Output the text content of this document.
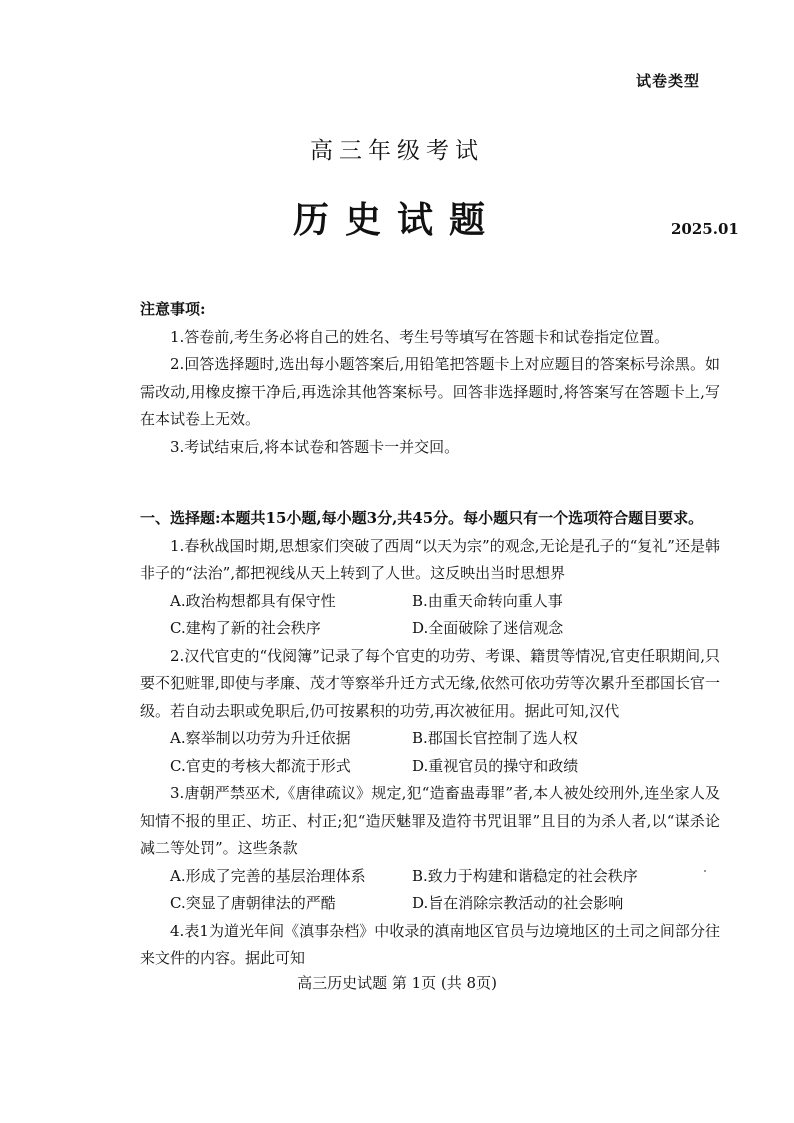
试卷类型
高三年级考试
历史试题	2025.01
注意事项:

1.答卷前,考生务必将自己的姓名、考生号等填写在答题卡和试卷指定位置。

2.回答选择题时,选出每小题答案后,用铅笔把答题卡上对应题目的答案标号涂黑。如需改动,用橡皮擦干净后,再选涂其他答案标号。回答非选择题时,将答案写在答题卡上,写在本试卷上无效。

3.考试结束后,将本试卷和答题卡一并交回。

一、选择题:本题共15小题,每小题3分,共45分。每小题只有一个选项符合题目要求。

1.春秋战国时期,思想家们突破了西周“以天为宗”的观念,无论是孔子的“复礼”还是韩非子的“法治”,都把视线从天上转到了人世。这反映出当时思想界

A.政治构想都具有保守性	B.由重天命转向重人事
C.建构了新的社会秩序	D.全面破除了迷信观念

2.汉代官吏的“伐阅簿”记录了每个官吏的功劳、考课、籍贯等情况,官吏任职期间,只要不犯赃罪,即使与孝廉、茂才等察举升迁方式无缘,依然可依功劳等次累升至郡国长官一级。若自动去职或免职后,仍可按累积的功劳,再次被征用。据此可知,汉代

A.察举制以功劳为升迁依据	B.郡国长官控制了选人权
C.官吏的考核大都流于形式	D.重视官员的操守和政绩

3.唐朝严禁巫术,《唐律疏议》规定,犯“造畜蛊毒罪”者,本人被处绞刑外,连坐家人及知情不报的里正、坊正、村正;犯“造厌魅罪及造符书咒诅罪”且目的为杀人者,以“谋杀论减二等处罚”。这些条款

A.形成了完善的基层治理体系	B.致力于构建和谐稳定的社会秩序
C.突显了唐朝律法的严酷	D.旨在消除宗教活动的社会影响

4.表1为道光年间《滇事杂档》中收录的滇南地区官员与边境地区的土司之间部分往来文件的内容。据此可知

高三历史试题 第 1页 (共 8页)
